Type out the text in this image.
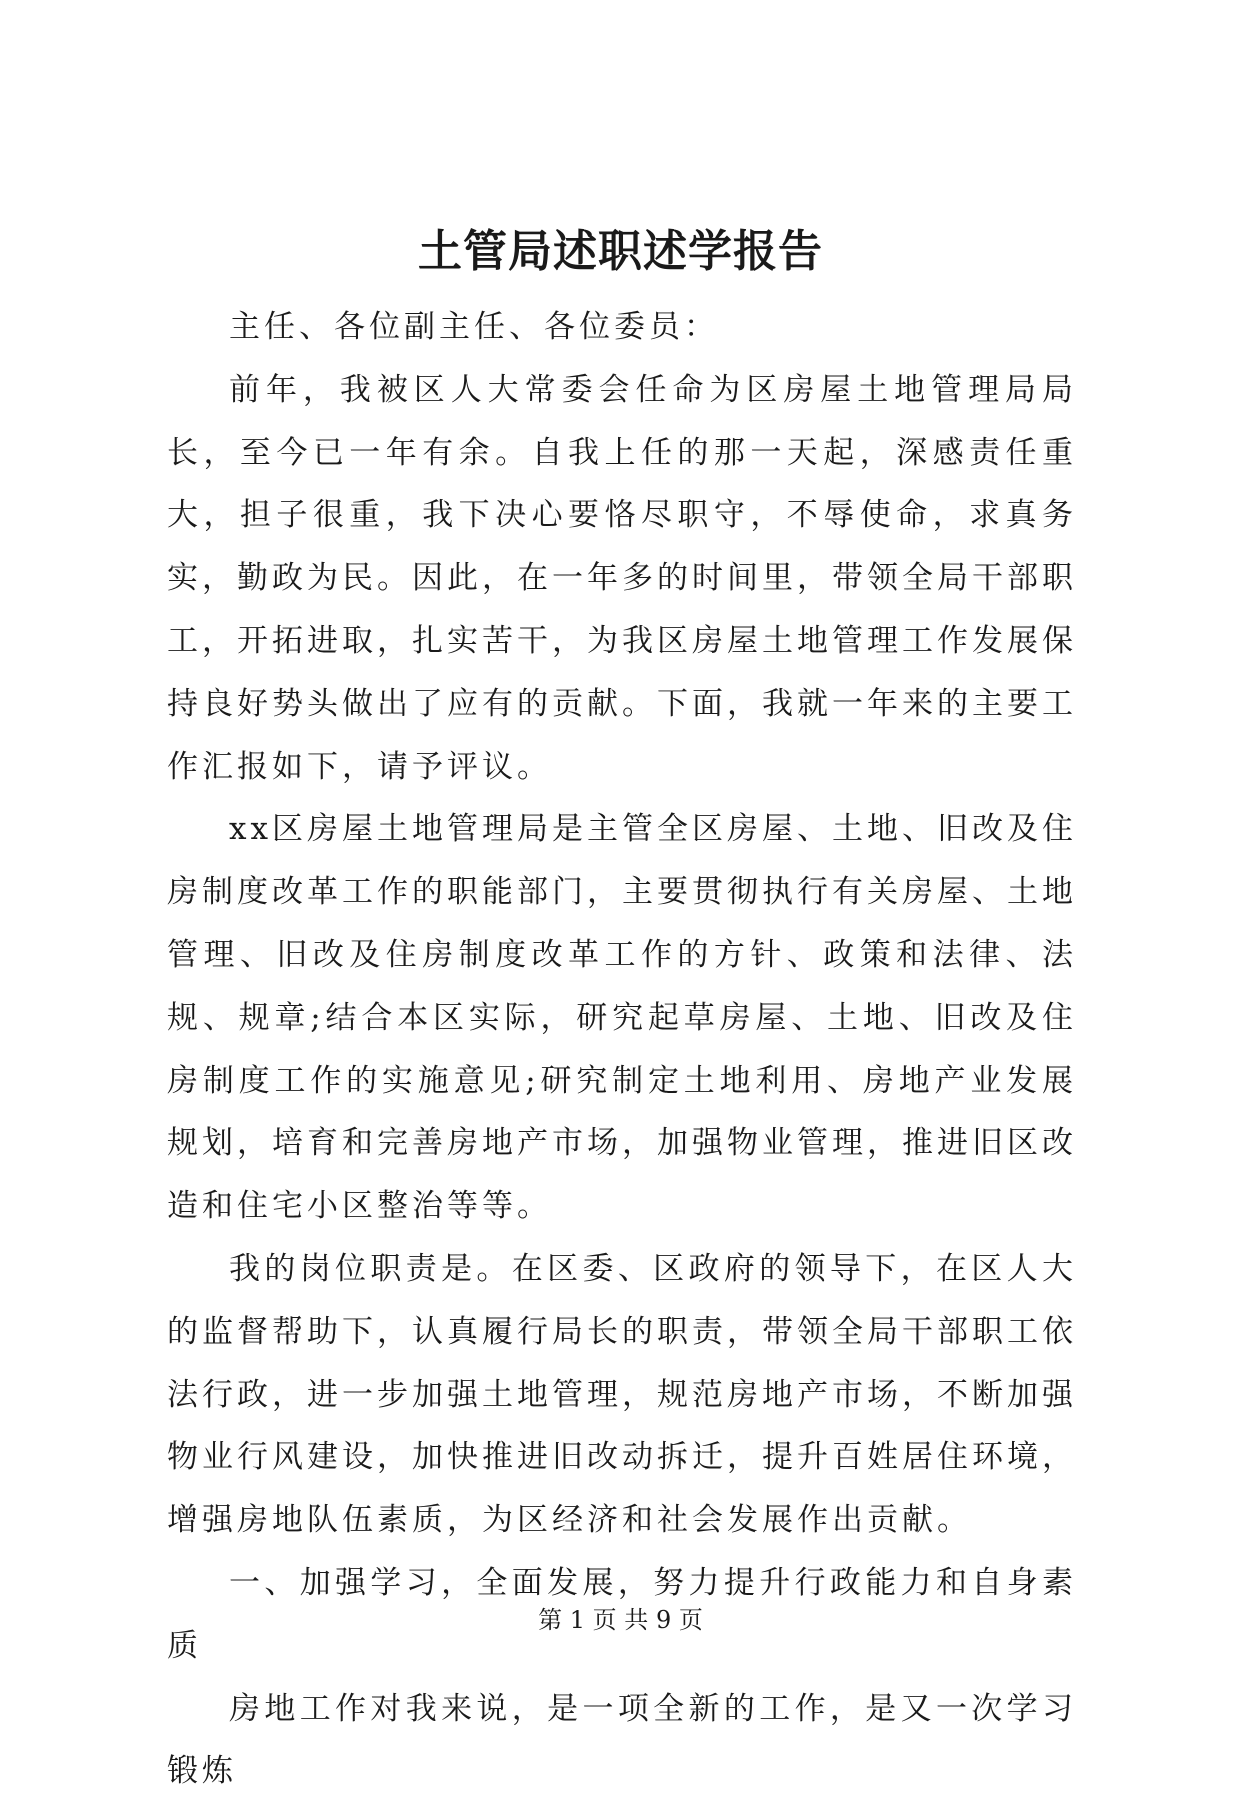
土管局述职述学报告

主任、各位副主任、各位委员：

前年，我被区人大常委会任命为区房屋土地管理局局长，至今已一年有余。自我上任的那一天起，深感责任重大，担子很重，我下决心要恪尽职守，不辱使命，求真务实，勤政为民。因此，在一年多的时间里，带领全局干部职工，开拓进取，扎实苦干，为我区房屋土地管理工作发展保持良好势头做出了应有的贡献。下面，我就一年来的主要工作汇报如下，请予评议。

xx区房屋土地管理局是主管全区房屋、土地、旧改及住房制度改革工作的职能部门，主要贯彻执行有关房屋、土地管理、旧改及住房制度改革工作的方针、政策和法律、法规、规章;结合本区实际，研究起草房屋、土地、旧改及住房制度工作的实施意见;研究制定土地利用、房地产业发展规划，培育和完善房地产市场，加强物业管理，推进旧区改造和住宅小区整治等等。

我的岗位职责是。在区委、区政府的领导下，在区人大的监督帮助下，认真履行局长的职责，带领全局干部职工依法行政，进一步加强土地管理，规范房地产市场，不断加强物业行风建设，加快推进旧改动拆迁，提升百姓居住环境，增强房地队伍素质，为区经济和社会发展作出贡献。

一、加强学习，全面发展，努力提升行政能力和自身素质

房地工作对我来说，是一项全新的工作，是又一次学习锻炼

第 1 页 共 9 页
